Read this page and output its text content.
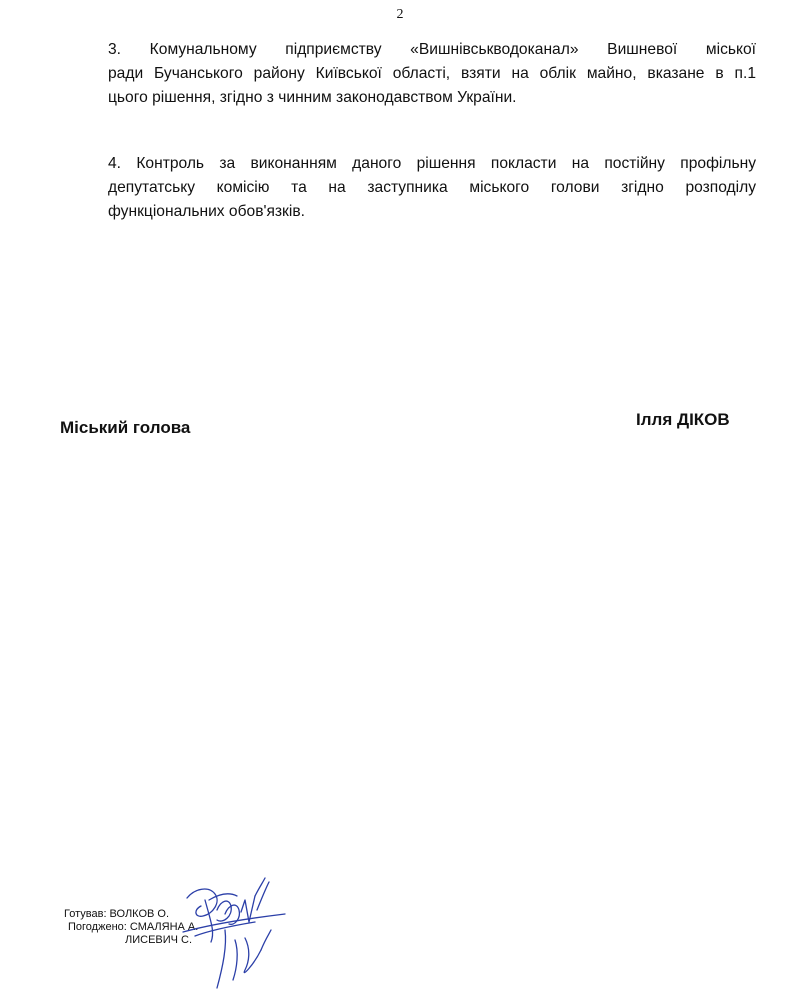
2
3. Комунальному підприємству «Вишнівськводоканал» Вишневої міської
ради Бучанського району Київської області, взяти на облік майно, вказане в п.1
цього рішення, згідно з чинним законодавством України.
4. Контроль за виконанням даного рішення покласти на постійну профільну
депутатську комісію та на заступника міського голови згідно розподілу
функціональних обов'язків.
Міський голова	Ілля ДІКОВ
Готував: ВОЛКОВ О.
Погоджено: СМАЛЯНА А.
ЛИСЕВИЧ С.
